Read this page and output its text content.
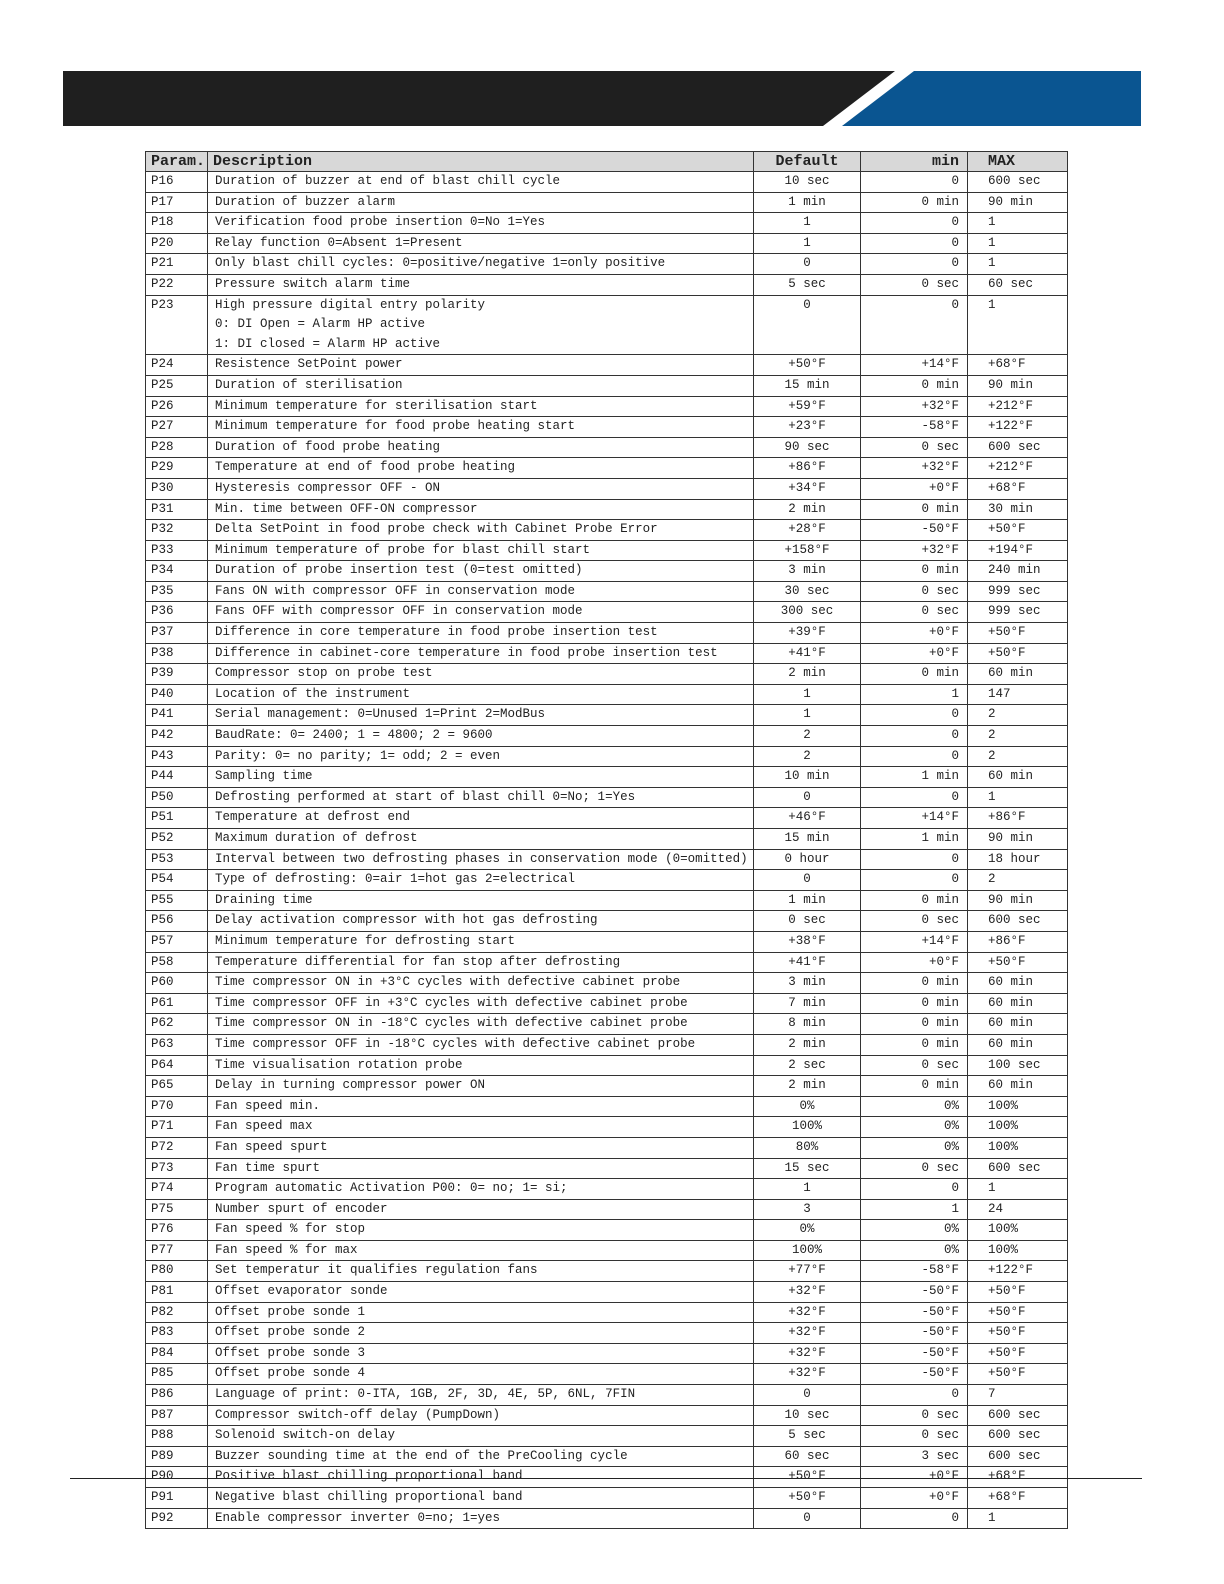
Param.	Description	Default	min	MAX
P16	Duration of buzzer at end of blast chill cycle	10 sec	0	600 sec
P17	Duration of buzzer alarm	1 min	0 min	90 min
P18	Verification food probe insertion 0=No 1=Yes	1	0	1
P20	Relay function 0=Absent 1=Present	1	0	1
P21	Only blast chill cycles: 0=positive/negative 1=only positive	0	0	1
P22	Pressure switch alarm time	5 sec	0 sec	60 sec
P23	High pressure digital entry polarity
0: DI Open = Alarm HP active
1: DI closed = Alarm HP active	0	0	1
P24	Resistence SetPoint power	+50°F	+14°F	+68°F
P25	Duration of sterilisation	15 min	0 min	90 min
P26	Minimum temperature for sterilisation start	+59°F	+32°F	+212°F
P27	Minimum temperature for food probe heating start	+23°F	-58°F	+122°F
P28	Duration of food probe heating	90 sec	0 sec	600 sec
P29	Temperature at end of food probe heating	+86°F	+32°F	+212°F
P30	Hysteresis compressor OFF - ON	+34°F	+0°F	+68°F
P31	Min. time between OFF-ON compressor	2 min	0 min	30 min
P32	Delta SetPoint in food probe check with Cabinet Probe Error	+28°F	-50°F	+50°F
P33	Minimum temperature of probe for blast chill start	+158°F	+32°F	+194°F
P34	Duration of probe insertion test (0=test omitted)	3 min	0 min	240 min
P35	Fans ON with compressor OFF in conservation mode	30 sec	0 sec	999 sec
P36	Fans OFF with compressor OFF in conservation mode	300 sec	0 sec	999 sec
P37	Difference in core temperature in food probe insertion test	+39°F	+0°F	+50°F
P38	Difference in cabinet-core temperature in food probe insertion test	+41°F	+0°F	+50°F
P39	Compressor stop on probe test	2 min	0 min	60 min
P40	Location of the instrument	1	1	147
P41	Serial management: 0=Unused 1=Print 2=ModBus	1	0	2
P42	BaudRate: 0= 2400; 1 = 4800; 2 = 9600	2	0	2
P43	Parity: 0= no parity; 1= odd; 2 = even	2	0	2
P44	Sampling time	10 min	1 min	60 min
P50	Defrosting performed at start of blast chill 0=No; 1=Yes	0	0	1
P51	Temperature at defrost end	+46°F	+14°F	+86°F
P52	Maximum duration of defrost	15 min	1 min	90 min
P53	Interval between two defrosting phases in conservation mode (0=omitted)	0 hour	0	18 hour
P54	Type of defrosting: 0=air 1=hot gas 2=electrical	0	0	2
P55	Draining time	1 min	0 min	90 min
P56	Delay activation compressor with hot gas defrosting	0 sec	0 sec	600 sec
P57	Minimum temperature for defrosting start	+38°F	+14°F	+86°F
P58	Temperature differential for fan stop after defrosting	+41°F	+0°F	+50°F
P60	Time compressor ON in +3°C cycles with defective cabinet probe	3 min	0 min	60 min
P61	Time compressor OFF in +3°C cycles with defective cabinet probe	7 min	0 min	60 min
P62	Time compressor ON in -18°C cycles with defective cabinet probe	8 min	0 min	60 min
P63	Time compressor OFF in -18°C cycles with defective cabinet probe	2 min	0 min	60 min
P64	Time visualisation rotation probe	2 sec	0 sec	100 sec
P65	Delay in turning compressor power ON	2 min	0 min	60 min
P70	Fan speed min.	0%	0%	100%
P71	Fan speed max	100%	0%	100%
P72	Fan speed spurt	80%	0%	100%
P73	Fan time spurt	15 sec	0 sec	600 sec
P74	Program automatic Activation P00: 0= no; 1= si;	1	0	1
P75	Number spurt of encoder	3	1	24
P76	Fan speed % for stop	0%	0%	100%
P77	Fan speed % for max	100%	0%	100%
P80	Set temperatur it qualifies regulation fans	+77°F	-58°F	+122°F
P81	Offset evaporator sonde	+32°F	-50°F	+50°F
P82	Offset probe sonde 1	+32°F	-50°F	+50°F
P83	Offset probe sonde 2	+32°F	-50°F	+50°F
P84	Offset probe sonde 3	+32°F	-50°F	+50°F
P85	Offset probe sonde 4	+32°F	-50°F	+50°F
P86	Language of print: 0-ITA, 1GB, 2F, 3D, 4E, 5P, 6NL, 7FIN	0	0	7
P87	Compressor switch-off delay (PumpDown)	10 sec	0 sec	600 sec
P88	Solenoid switch-on delay	5 sec	0 sec	600 sec
P89	Buzzer sounding time at the end of the PreCooling cycle	60 sec	3 sec	600 sec
P90	Positive blast chilling proportional band	+50°F	+0°F	+68°F
P91	Negative blast chilling proportional band	+50°F	+0°F	+68°F
P92	Enable compressor inverter 0=no; 1=yes	0	0	1
